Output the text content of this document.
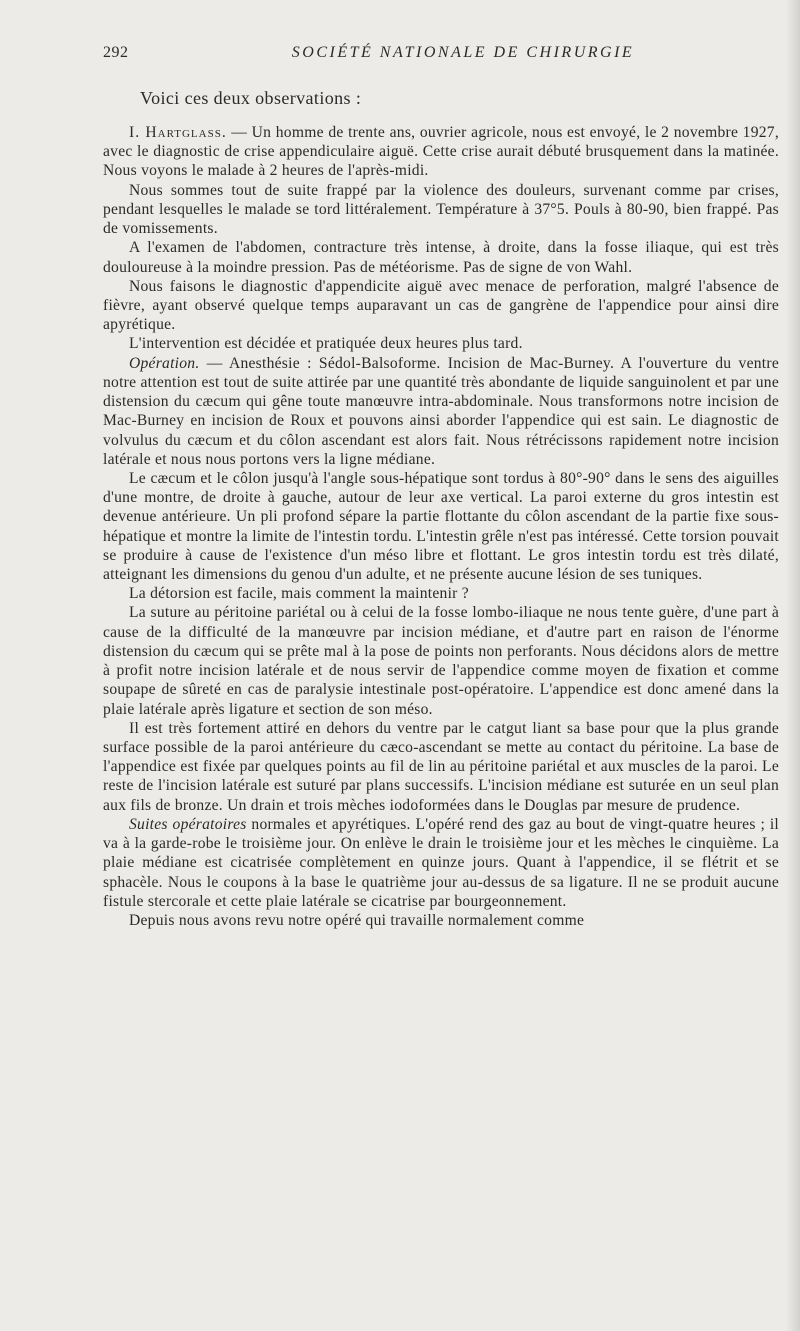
292	SOCIÉTÉ NATIONALE DE CHIRURGIE
Voici ces deux observations :

I. Hartglass. — Un homme de trente ans, ouvrier agricole, nous est envoyé, le 2 novembre 1927, avec le diagnostic de crise appendiculaire aiguë. Cette crise aurait débuté brusquement dans la matinée. Nous voyons le malade à 2 heures de l'après-midi.

Nous sommes tout de suite frappé par la violence des douleurs, survenant comme par crises, pendant lesquelles le malade se tord littéralement. Température à 37°5. Pouls à 80-90, bien frappé. Pas de vomissements.

A l'examen de l'abdomen, contracture très intense, à droite, dans la fosse iliaque, qui est très douloureuse à la moindre pression. Pas de météorisme. Pas de signe de von Wahl.

Nous faisons le diagnostic d'appendicite aiguë avec menace de perforation, malgré l'absence de fièvre, ayant observé quelque temps auparavant un cas de gangrène de l'appendice pour ainsi dire apyrétique.

L'intervention est décidée et pratiquée deux heures plus tard.

Opération. — Anesthésie : Sédol-Balsoforme. Incision de Mac-Burney. A l'ouverture du ventre notre attention est tout de suite attirée par une quantité très abondante de liquide sanguinolent et par une distension du cæcum qui gêne toute manœuvre intra-abdominale. Nous transformons notre incision de Mac-Burney en incision de Roux et pouvons ainsi aborder l'appendice qui est sain. Le diagnostic de volvulus du cæcum et du côlon ascendant est alors fait. Nous rétrécissons rapidement notre incision latérale et nous nous portons vers la ligne médiane.

Le cæcum et le côlon jusqu'à l'angle sous-hépatique sont tordus à 80°-90° dans le sens des aiguilles d'une montre, de droite à gauche, autour de leur axe vertical. La paroi externe du gros intestin est devenue antérieure. Un pli profond sépare la partie flottante du côlon ascendant de la partie fixe sous-hépatique et montre la limite de l'intestin tordu. L'intestin grêle n'est pas intéressé. Cette torsion pouvait se produire à cause de l'existence d'un méso libre et flottant. Le gros intestin tordu est très dilaté, atteignant les dimensions du genou d'un adulte, et ne présente aucune lésion de ses tuniques.

La détorsion est facile, mais comment la maintenir ?

La suture au péritoine pariétal ou à celui de la fosse lombo-iliaque ne nous tente guère, d'une part à cause de la difficulté de la manœuvre par incision médiane, et d'autre part en raison de l'énorme distension du cæcum qui se prête mal à la pose de points non perforants. Nous décidons alors de mettre à profit notre incision latérale et de nous servir de l'appendice comme moyen de fixation et comme soupape de sûreté en cas de paralysie intestinale post-opératoire. L'appendice est donc amené dans la plaie latérale après ligature et section de son méso.

Il est très fortement attiré en dehors du ventre par le catgut liant sa base pour que la plus grande surface possible de la paroi antérieure du cæco-ascendant se mette au contact du péritoine. La base de l'appendice est fixée par quelques points au fil de lin au péritoine pariétal et aux muscles de la paroi. Le reste de l'incision latérale est suturé par plans successifs. L'incision médiane est suturée en un seul plan aux fils de bronze. Un drain et trois mèches iodoformées dans le Douglas par mesure de prudence.

Suites opératoires normales et apyrétiques. L'opéré rend des gaz au bout de vingt-quatre heures ; il va à la garde-robe le troisième jour. On enlève le drain le troisième jour et les mèches le cinquième. La plaie médiane est cicatrisée complètement en quinze jours. Quant à l'appendice, il se flétrit et se sphacèle. Nous le coupons à la base le quatrième jour au-dessus de sa ligature. Il ne se produit aucune fistule stercorale et cette plaie latérale se cicatrise par bourgeonnement.

Depuis nous avons revu notre opéré qui travaille normalement comme
